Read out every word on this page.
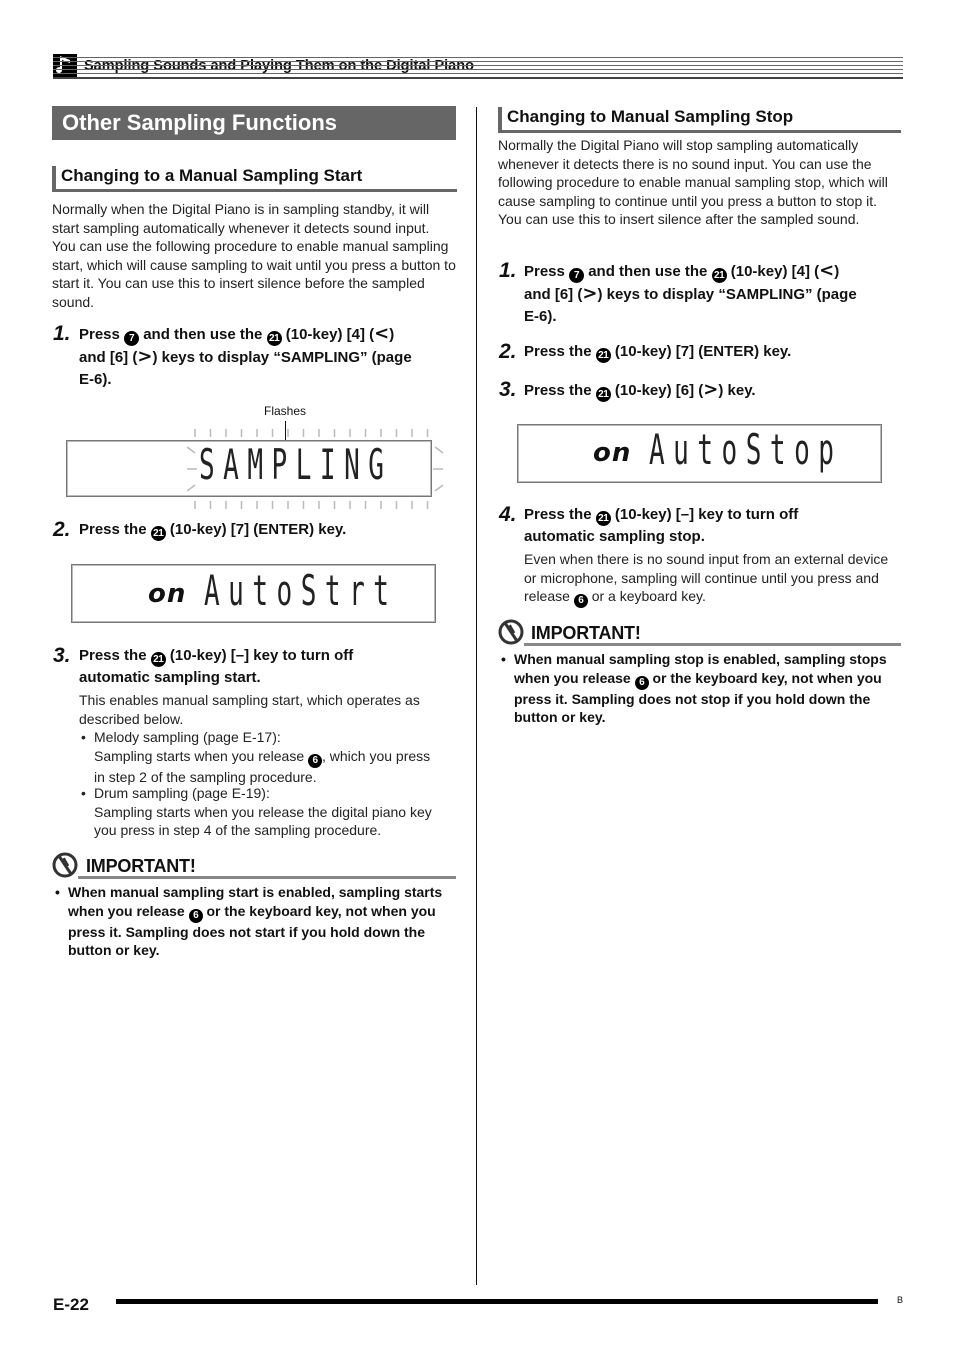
Sampling Sounds and Playing Them on the Digital Piano
Other Sampling Functions
Changing to a Manual Sampling Start
Normally when the Digital Piano is in sampling standby, it will start sampling automatically whenever it detects sound input. You can use the following procedure to enable manual sampling start, which will cause sampling to wait until you press a button to start it. You can use this to insert silence before the sampled sound.
1. Press 7 and then use the 21 (10-key) [4] (<)
and [6] (>) keys to display “SAMPLING” (page
E-6).
Flashes
S A M P L I N G
2. Press the 21 (10-key) [7] (ENTER) key.
on A u t o S t r t
3. Press the 21 (10-key) [–] key to turn off
automatic sampling start.
This enables manual sampling start, which operates as described below.
• Melody sampling (page E-17):
Sampling starts when you release 6 , which you press
in step 2 of the sampling procedure.
• Drum sampling (page E-19):
Sampling starts when you release the digital piano key you press in step 4 of the sampling procedure.
IMPORTANT!
• When manual sampling start is enabled, sampling starts when you release 6 or the keyboard key, not when you press it. Sampling does not start if you hold down the button or key.
Changing to Manual Sampling Stop
Normally the Digital Piano will stop sampling automatically whenever it detects there is no sound input. You can use the following procedure to enable manual sampling stop, which will cause sampling to continue until you press a button to stop it. You can use this to insert silence after the sampled sound.
1. Press 7 and then use the 21 (10-key) [4] (<)
and [6] (>) keys to display “SAMPLING” (page
E-6).
2. Press the 21 (10-key) [7] (ENTER) key.
3. Press the 21 (10-key) [6] (>) key.
on A u t o S t o p
4. Press the 21 (10-key) [–] key to turn off
automatic sampling stop.
Even when there is no sound input from an external device or microphone, sampling will continue until you press and release 6 or a keyboard key.
IMPORTANT!
• When manual sampling stop is enabled, sampling stops when you release 6 or the keyboard key, not when you press it. Sampling does not stop if you hold down the button or key.
E-22	B
